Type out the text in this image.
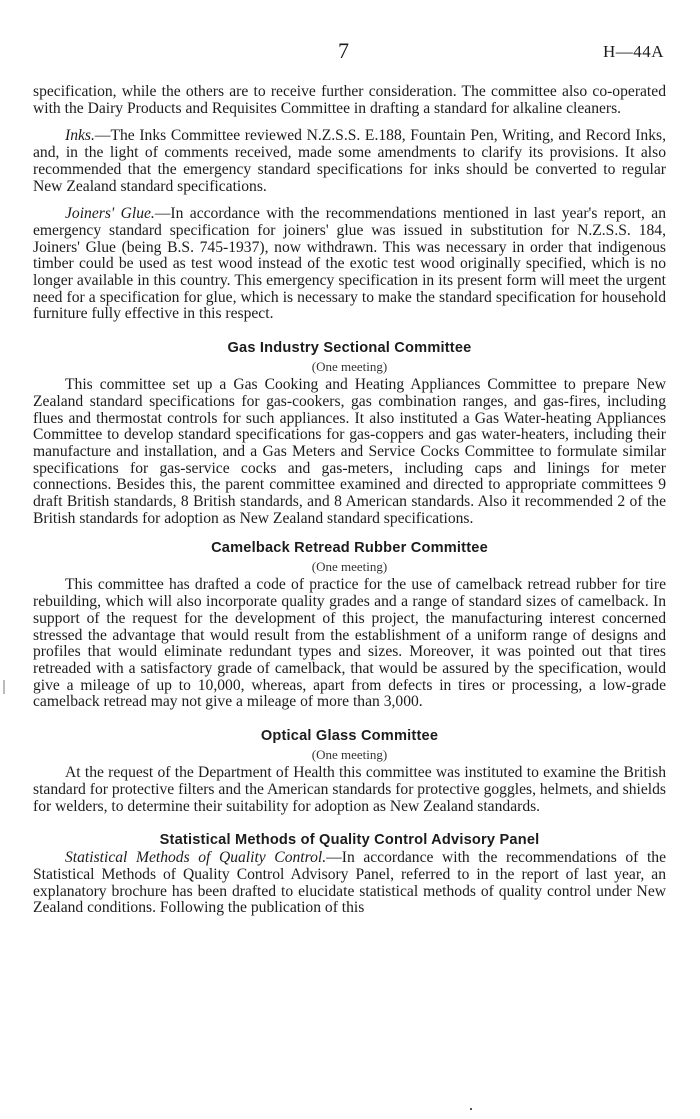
7	H—44A

specification, while the others are to receive further consideration. The committee also co-operated with the Dairy Products and Requisites Committee in drafting a standard for alkaline cleaners.

Inks.—The Inks Committee reviewed N.Z.S.S. E.188, Fountain Pen, Writing, and Record Inks, and, in the light of comments received, made some amendments to clarify its provisions. It also recommended that the emergency standard specifications for inks should be converted to regular New Zealand standard specifications.

Joiners' Glue.—In accordance with the recommendations mentioned in last year's report, an emergency standard specification for joiners' glue was issued in substitution for N.Z.S.S. 184, Joiners' Glue (being B.S. 745-1937), now withdrawn. This was necessary in order that indigenous timber could be used as test wood instead of the exotic test wood originally specified, which is no longer available in this country. This emergency specification in its present form will meet the urgent need for a specification for glue, which is necessary to make the standard specification for household furniture fully effective in this respect.

Gas Industry Sectional Committee
(One meeting)

This committee set up a Gas Cooking and Heating Appliances Committee to prepare New Zealand standard specifications for gas-cookers, gas combination ranges, and gas-fires, including flues and thermostat controls for such appliances. It also instituted a Gas Water-heating Appliances Committee to develop standard specifications for gas-coppers and gas water-heaters, including their manufacture and installation, and a Gas Meters and Service Cocks Committee to formulate similar specifications for gas-service cocks and gas-meters, including caps and linings for meter connections. Besides this, the parent committee examined and directed to appropriate committees 9 draft British standards, 8 British standards, and 8 American standards. Also it recommended 2 of the British standards for adoption as New Zealand standard specifications.

Camelback Retread Rubber Committee
(One meeting)

This committee has drafted a code of practice for the use of camelback retread rubber for tire rebuilding, which will also incorporate quality grades and a range of standard sizes of camelback. In support of the request for the development of this project, the manufacturing interest concerned stressed the advantage that would result from the establishment of a uniform range of designs and profiles that would eliminate redundant types and sizes. Moreover, it was pointed out that tires retreaded with a satisfactory grade of camelback, that would be assured by the specification, would give a mileage of up to 10,000, whereas, apart from defects in tires or processing, a low-grade camelback retread may not give a mileage of more than 3,000.

Optical Glass Committee
(One meeting)

At the request of the Department of Health this committee was instituted to examine the British standard for protective filters and the American standards for protective goggles, helmets, and shields for welders, to determine their suitability for adoption as New Zealand standards.

Statistical Methods of Quality Control Advisory Panel

Statistical Methods of Quality Control.—In accordance with the recommendations of the Statistical Methods of Quality Control Advisory Panel, referred to in the report of last year, an explanatory brochure has been drafted to elucidate statistical methods of quality control under New Zealand conditions. Following the publication of this
